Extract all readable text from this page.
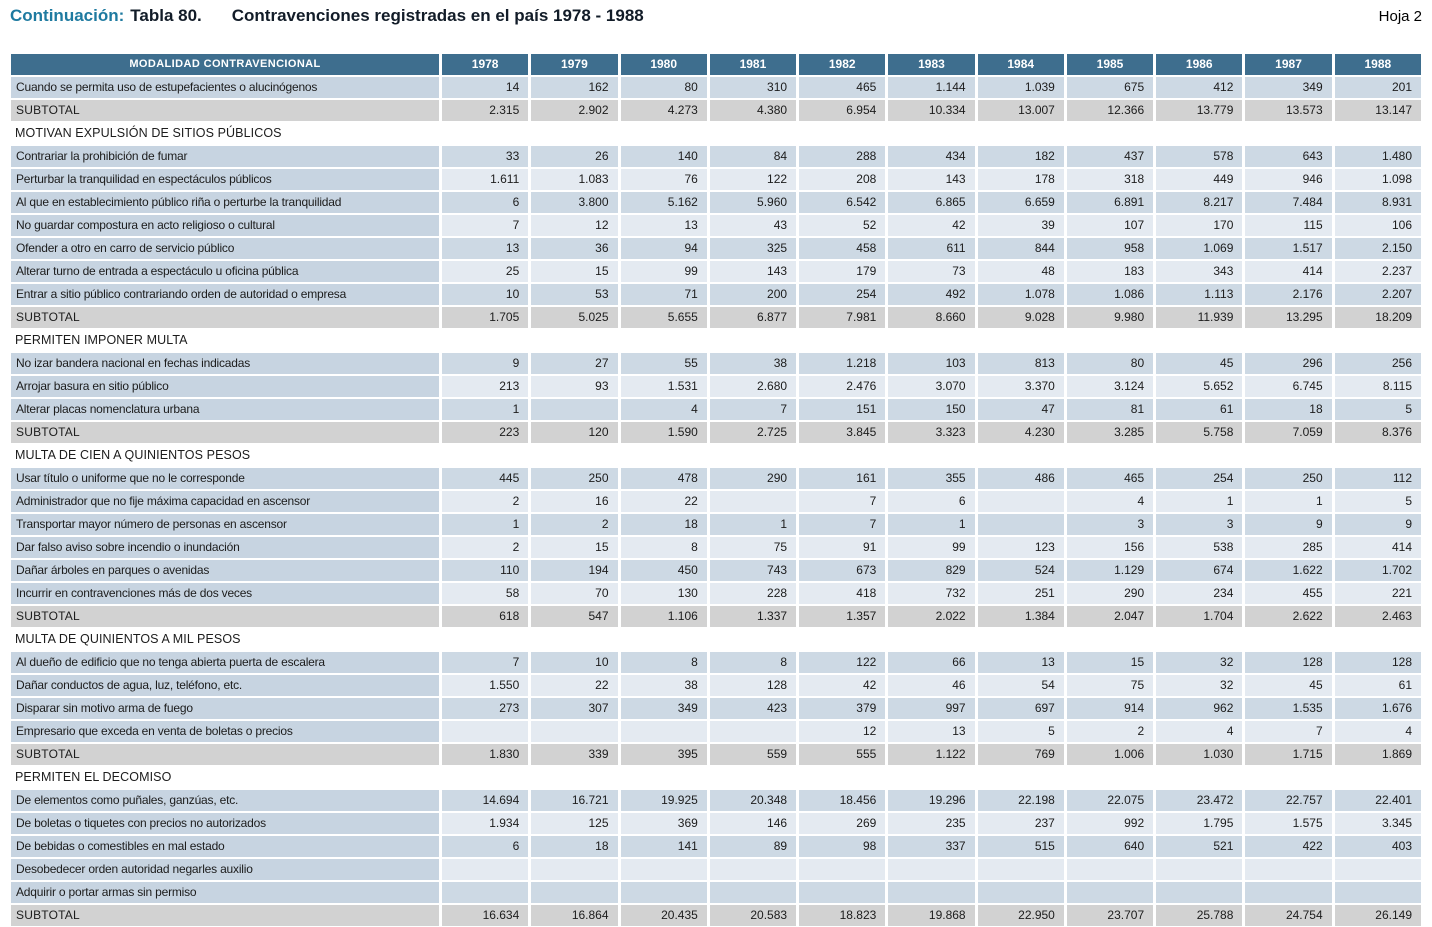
Continuación: Tabla 80. Contravenciones registradas en el país 1978 - 1988	Hoja 2
MODALIDAD CONTRAVENCIONAL	1978	1979	1980	1981	1982	1983	1984	1985	1986	1987	1988
Cuando se permita uso de estupefacientes o alucinógenos	14	162	80	310	465	1.144	1.039	675	412	349	201
SUBTOTAL	2.315	2.902	4.273	4.380	6.954	10.334	13.007	12.366	13.779	13.573	13.147
MOTIVAN EXPULSIÓN DE SITIOS PÚBLICOS											
Contrariar la prohibición de fumar	33	26	140	84	288	434	182	437	578	643	1.480
Perturbar la tranquilidad en espectáculos públicos	1.611	1.083	76	122	208	143	178	318	449	946	1.098
Al que en establecimiento público riña o perturbe la tranquilidad	6	3.800	5.162	5.960	6.542	6.865	6.659	6.891	8.217	7.484	8.931
No guardar compostura en acto religioso o cultural	7	12	13	43	52	42	39	107	170	115	106
Ofender a otro en carro de servicio público	13	36	94	325	458	611	844	958	1.069	1.517	2.150
Alterar turno de entrada a espectáculo u oficina pública	25	15	99	143	179	73	48	183	343	414	2.237
Entrar a sitio público contrariando orden de autoridad o empresa	10	53	71	200	254	492	1.078	1.086	1.113	2.176	2.207
SUBTOTAL	1.705	5.025	5.655	6.877	7.981	8.660	9.028	9.980	11.939	13.295	18.209
PERMITEN IMPONER MULTA											
No izar bandera nacional en fechas indicadas	9	27	55	38	1.218	103	813	80	45	296	256
Arrojar basura en sitio público	213	93	1.531	2.680	2.476	3.070	3.370	3.124	5.652	6.745	8.115
Alterar placas nomenclatura urbana	1		4	7	151	150	47	81	61	18	5
SUBTOTAL	223	120	1.590	2.725	3.845	3.323	4.230	3.285	5.758	7.059	8.376
MULTA DE CIEN A QUINIENTOS PESOS											
Usar título o uniforme que no le corresponde	445	250	478	290	161	355	486	465	254	250	112
Administrador que no fije máxima capacidad en ascensor	2	16	22		7	6		4	1	1	5
Transportar mayor número de personas en ascensor	1	2	18	1	7	1		3	3	9	9
Dar falso aviso sobre incendio o inundación	2	15	8	75	91	99	123	156	538	285	414
Dañar árboles en parques o avenidas	110	194	450	743	673	829	524	1.129	674	1.622	1.702
Incurrir en contravenciones más de dos veces	58	70	130	228	418	732	251	290	234	455	221
SUBTOTAL	618	547	1.106	1.337	1.357	2.022	1.384	2.047	1.704	2.622	2.463
MULTA DE QUINIENTOS A MIL PESOS											
Al dueño de edificio que no tenga abierta puerta de escalera	7	10	8	8	122	66	13	15	32	128	128
Dañar conductos de agua, luz, teléfono, etc.	1.550	22	38	128	42	46	54	75	32	45	61
Disparar sin motivo arma de fuego	273	307	349	423	379	997	697	914	962	1.535	1.676
Empresario que exceda en venta de boletas o precios					12	13	5	2	4	7	4
SUBTOTAL	1.830	339	395	559	555	1.122	769	1.006	1.030	1.715	1.869
PERMITEN EL DECOMISO											
De elementos como puñales, ganzúas, etc.	14.694	16.721	19.925	20.348	18.456	19.296	22.198	22.075	23.472	22.757	22.401
De boletas o tiquetes con precios no autorizados	1.934	125	369	146	269	235	237	992	1.795	1.575	3.345
De bebidas o comestibles en mal estado	6	18	141	89	98	337	515	640	521	422	403
Desobedecer orden autoridad negarles auxilio											
Adquirir o portar armas sin permiso											
SUBTOTAL	16.634	16.864	20.435	20.583	18.823	19.868	22.950	23.707	25.788	24.754	26.149
